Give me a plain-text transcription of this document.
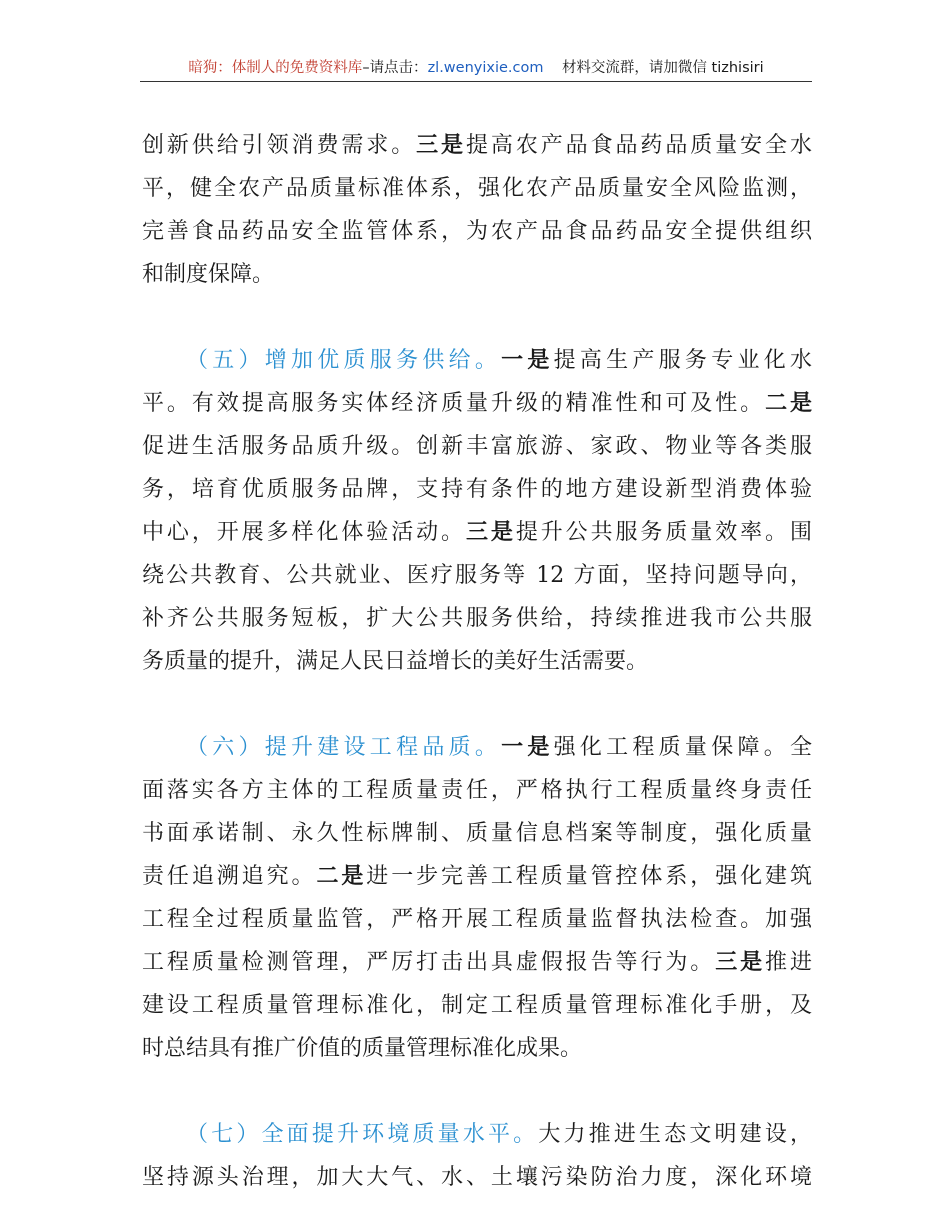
暗狗：体制人的免费资料库–请点击：zl.wenyixie.com 材料交流群，请加微信 tizhisiri
创新供给引领消费需求。三是提高农产品食品药品质量安全水
平，健全农产品质量标准体系，强化农产品质量安全风险监测，
完善食品药品安全监管体系，为农产品食品药品安全提供组织
和制度保障。
（五）增加优质服务供给。一是提高生产服务专业化水
平。有效提高服务实体经济质量升级的精准性和可及性。二是
促进生活服务品质升级。创新丰富旅游、家政、物业等各类服
务，培育优质服务品牌，支持有条件的地方建设新型消费体验
中心，开展多样化体验活动。三是提升公共服务质量效率。围
绕公共教育、公共就业、医疗服务等 12 方面，坚持问题导向，
补齐公共服务短板，扩大公共服务供给，持续推进我市公共服
务质量的提升，满足人民日益增长的美好生活需要。
（六）提升建设工程品质。一是强化工程质量保障。全
面落实各方主体的工程质量责任，严格执行工程质量终身责任
书面承诺制、永久性标牌制、质量信息档案等制度，强化质量
责任追溯追究。二是进一步完善工程质量管控体系，强化建筑
工程全过程质量监管，严格开展工程质量监督执法检查。加强
工程质量检测管理，严厉打击出具虚假报告等行为。三是推进
建设工程质量管理标准化，制定工程质量管理标准化手册，及
时总结具有推广价值的质量管理标准化成果。
（七）全面提升环境质量水平。大力推进生态文明建设，
坚持源头治理，加大大气、水、土壤污染防治力度，深化环境
